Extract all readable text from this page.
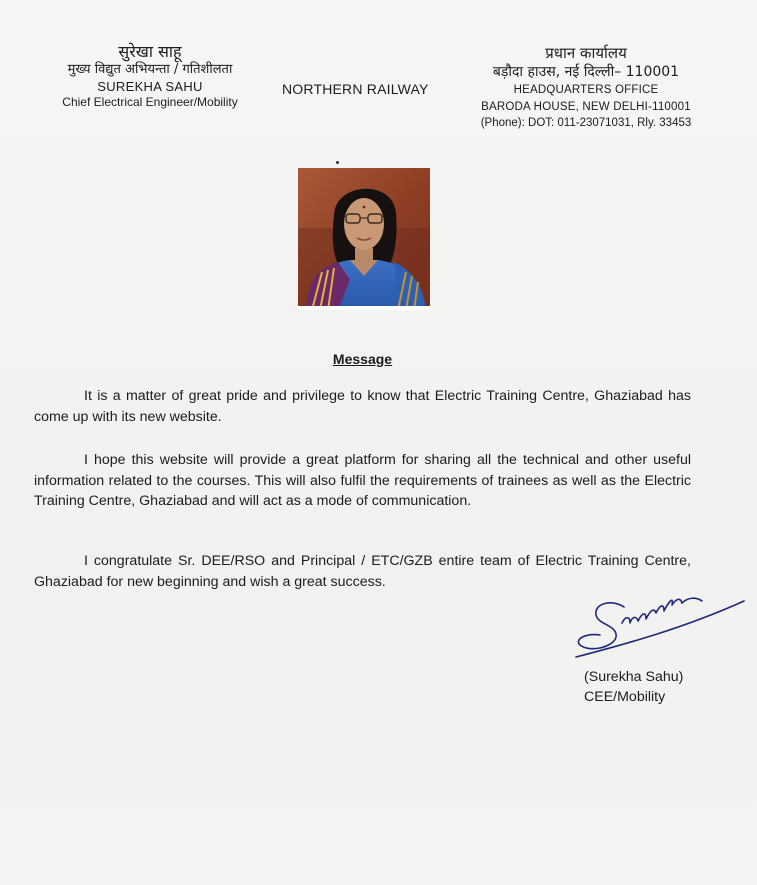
सुरेखा साहू
मुख्य विद्युत अभियन्ता / गतिशीलता
SUREKHA SAHU
Chief Electrical Engineer/Mobility
NORTHERN RAILWAY
प्रधान कार्यालय
बड़ौदा हाउस, नई दिल्ली– 110001
HEADQUARTERS OFFICE
BARODA HOUSE, NEW DELHI-110001
(Phone): DOT: 011-23071031, Rly. 33453
Message

It is a matter of great pride and privilege to know that Electric Training Centre, Ghaziabad has come up with its new website.

I hope this website will provide a great platform for sharing all the technical and other useful information related to the courses. This will also fulfil the requirements of trainees as well as the Electric Training Centre, Ghaziabad and will act as a mode of communication.

I congratulate Sr. DEE/RSO and Principal / ETC/GZB entire team of Electric Training Centre, Ghaziabad for new beginning and wish a great success.

(Surekha Sahu)
CEE/Mobility
